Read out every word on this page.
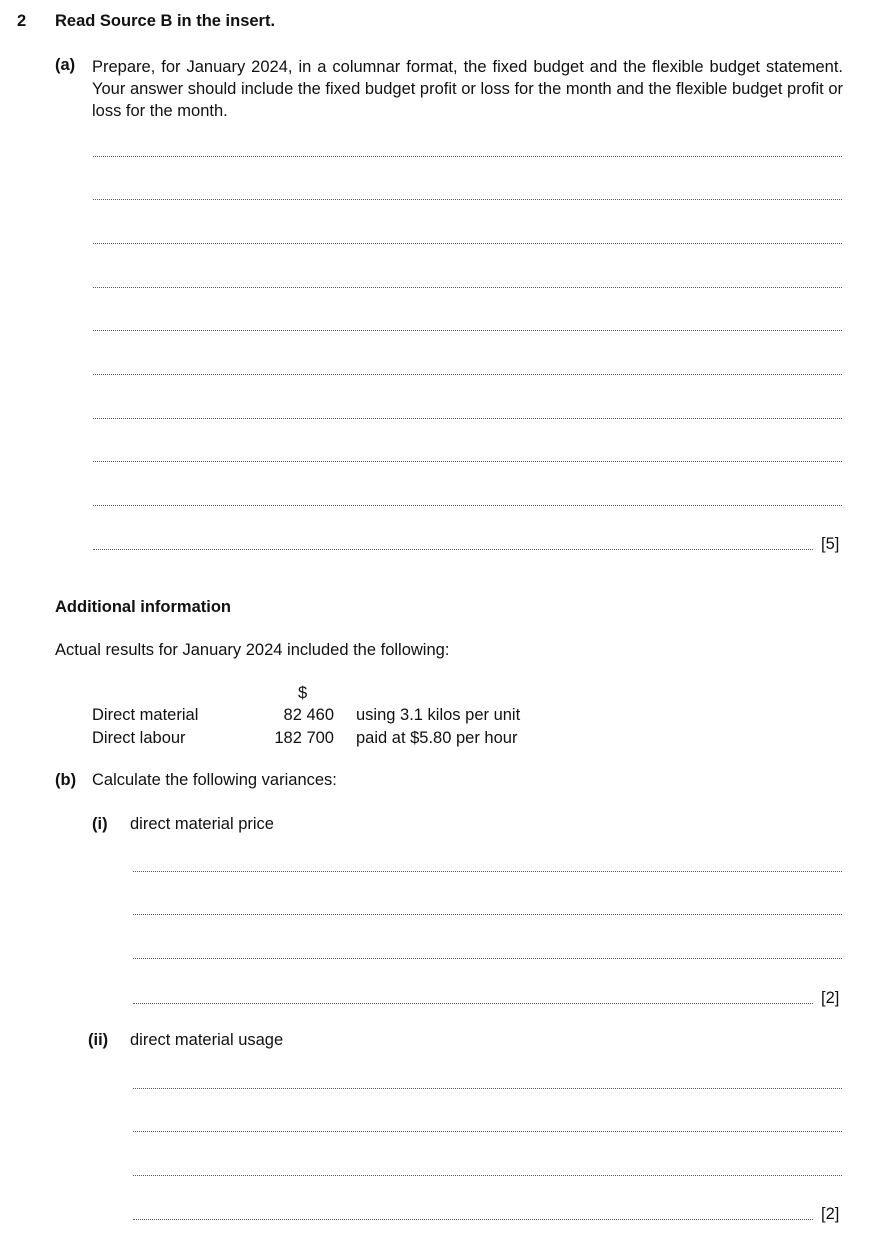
2 Read Source B in the insert.
(a) Prepare, for January 2024, in a columnar format, the fixed budget and the flexible budget statement. Your answer should include the fixed budget profit or loss for the month and the flexible budget profit or loss for the month.
[5]
Additional information
Actual results for January 2024 included the following:
$
Direct material	82 460 using 3.1 kilos per unit
Direct labour	182 700 paid at $5.80 per hour
(b) Calculate the following variances:
(i) direct material price
[2]
(ii) direct material usage
[2]
